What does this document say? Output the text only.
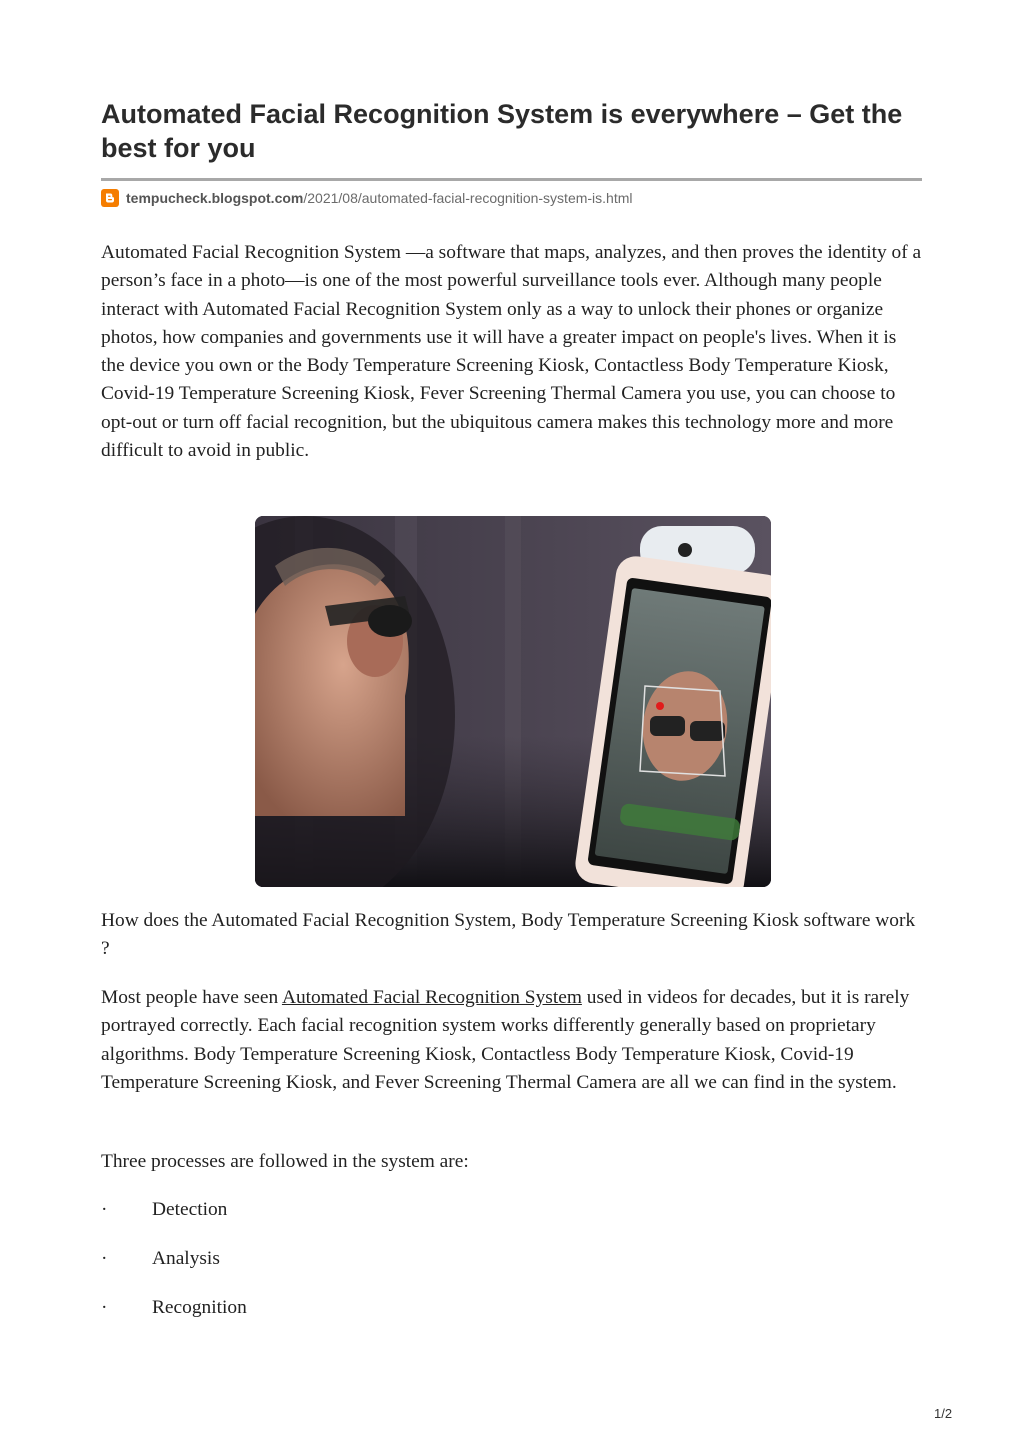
Automated Facial Recognition System is everywhere – Get the best for you
tempucheck.blogspot.com /2021/08/automated-facial-recognition-system-is.html

Automated Facial Recognition System —a software that maps, analyzes, and then proves the identity of a person’s face in a photo—is one of the most powerful surveillance tools ever. Although many people interact with Automated Facial Recognition System only as a way to unlock their phones or organize photos, how companies and governments use it will have a greater impact on people's lives. When it is the device you own or the Body Temperature Screening Kiosk, Contactless Body Temperature Kiosk, Covid-19 Temperature Screening Kiosk, Fever Screening Thermal Camera you use, you can choose to opt-out or turn off facial recognition, but the ubiquitous camera makes this technology more and more difficult to avoid in public.

How does the Automated Facial Recognition System, Body Temperature Screening Kiosk software work ?

Most people have seen Automated Facial Recognition System used in videos for decades, but it is rarely portrayed correctly. Each facial recognition system works differently generally based on proprietary algorithms. Body Temperature Screening Kiosk, Contactless Body Temperature Kiosk, Covid-19 Temperature Screening Kiosk, and Fever Screening Thermal Camera are all we can find in the system.

Three processes are followed in the system are:

·	Detection
·	Analysis
·	Recognition
1/2
